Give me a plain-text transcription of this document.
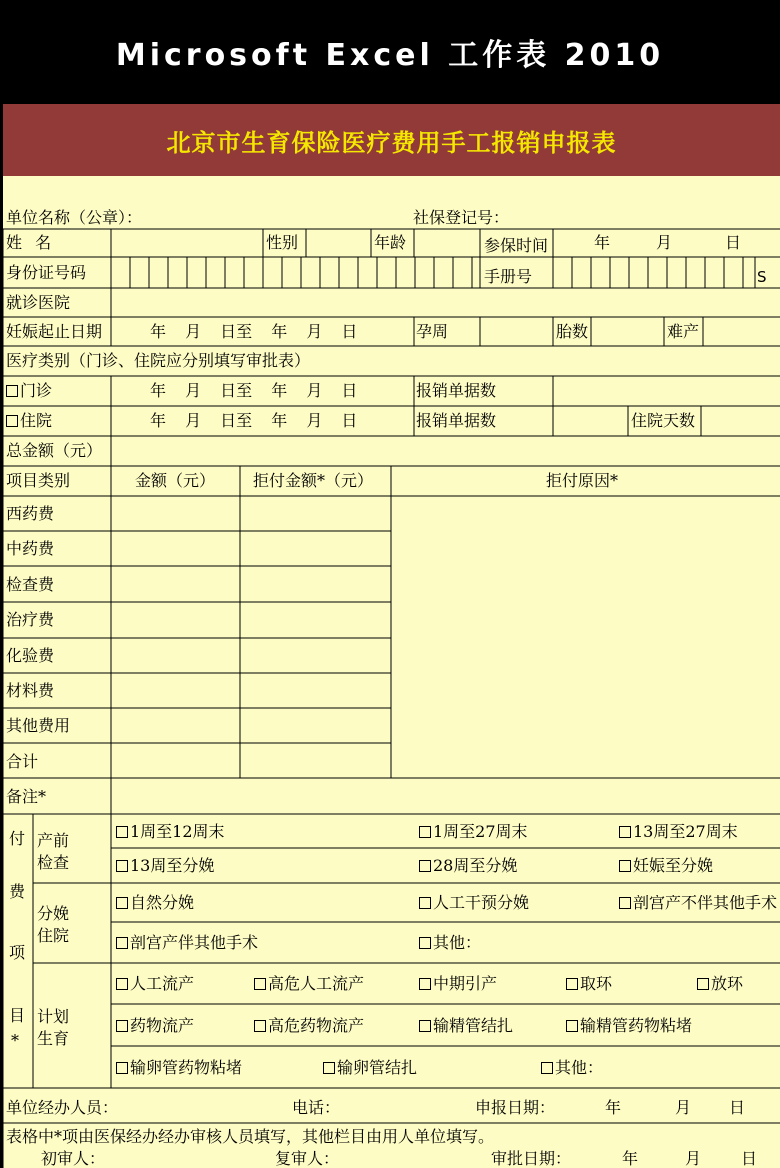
Microsoft Excel 工作表 2010
北京市生育保险医疗费用手工报销申报表
单位名称（公章）：	社保登记号：
姓 名	性别	年龄	参保时间	年	月	日
身份证号码	手册号	S
就诊医院
妊娠起止日期	年 月 日至 年 月 日	孕周	胎数	难产
医疗类别（门诊、住院应分别填写审批表）
门诊	年 月 日至 年 月 日	报销单据数
住院	年 月 日至 年 月 日	报销单据数	住院天数
总金额（元）
项目类别	金额（元） 拒付金额*（元）	拒付原因*
西药费
中药费
检查费
治疗费
化验费
材料费
其他费用
合计
备注*
付
费
项
目
*
产前检查
1周至12周末	1周至27周末	13周至27周末
13周至分娩	28周至分娩	妊娠至分娩
分娩住院
自然分娩	人工干预分娩	剖宫产不伴其他手术
剖宫产伴其他手术	其他：
计划生育
人工流产	高危人工流产	中期引产	取环	放环
药物流产	高危药物流产	输精管结扎	输精管药物粘堵
输卵管药物粘堵	输卵管结扎	其他：
单位经办人员：	电话：	申报日期：	年	月 日
表格中*项由医保经办经办审核人员填写，其他栏目由用人单位填写。
初审人：	复审人：	审批日期：	年	月 日
